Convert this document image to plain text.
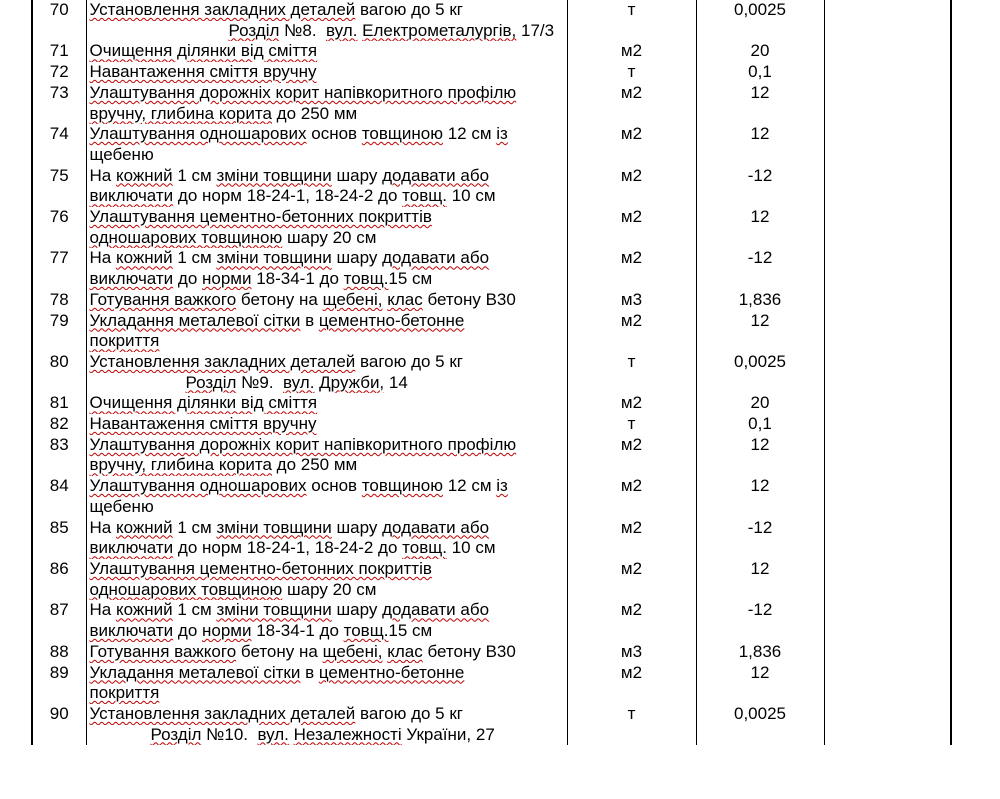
70	Установлення закладних деталей вагою до 5 кг	т	0,0025	
	Розділ №8.  вул. Електрометалургів, 17/3			
71	Очищення ділянки від сміття	м2	20	
72	Навантаження сміття вручну	т	0,1	
73	Улаштування дорожніх корит напівкоритного профілю
вручну, глибина корита до 250 мм	м2	12	
74	Улаштування одношарових основ товщиною 12 см із
щебеню	м2	12	
75	На кожний 1 см зміни товщини шару додавати або
виключати до норм 18-24-1, 18-24-2 до товщ. 10 см	м2	-12	
76	Улаштування цементно-бетонних покриттів
одношарових товщиною шару 20 см	м2	12	
77	На кожний 1 см зміни товщини шару додавати або
виключати до норми 18-34-1 до товщ.15 см	м2	-12	
78	Готування важкого бетону на щебені, клас бетону В30	м3	1,836	
79	Укладання металевої сітки в цементно-бетонне
покриття	м2	12	
80	Установлення закладних деталей вагою до 5 кг	т	0,0025	
	Розділ №9.  вул. Дружби, 14			
81	Очищення ділянки від сміття	м2	20	
82	Навантаження сміття вручну	т	0,1	
83	Улаштування дорожніх корит напівкоритного профілю
вручну, глибина корита до 250 мм	м2	12	
84	Улаштування одношарових основ товщиною 12 см із
щебеню	м2	12	
85	На кожний 1 см зміни товщини шару додавати або
виключати до норм 18-24-1, 18-24-2 до товщ. 10 см	м2	-12	
86	Улаштування цементно-бетонних покриттів
одношарових товщиною шару 20 см	м2	12	
87	На кожний 1 см зміни товщини шару додавати або
виключати до норми 18-34-1 до товщ.15 см	м2	-12	
88	Готування важкого бетону на щебені, клас бетону В30	м3	1,836	
89	Укладання металевої сітки в цементно-бетонне
покриття	м2	12	
90	Установлення закладних деталей вагою до 5 кг	т	0,0025	
	Розділ №10.  вул. Незалежності України, 27			
